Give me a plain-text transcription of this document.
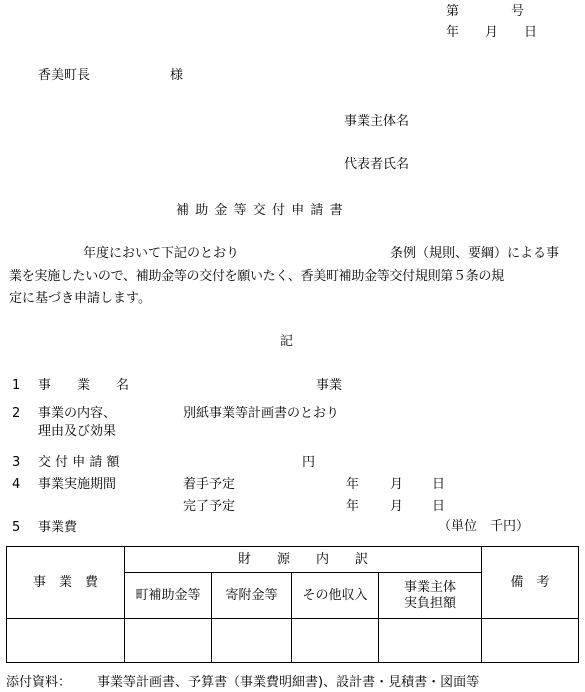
第　　　　号
年　　月　　日
香美町長	様
事業主体名
代表者氏名
補助金等交付申請書
年度において下記のとおり	条例（規則、要綱）による事
業を実施したいので、補助金等の交付を願いたく、香美町補助金等交付規則第５条の規
定に基づき申請します。
記
1 事　　業　　名	事業
2 事業の内容、
理由及び効果
別紙事業等計画書のとおり
3 交 付 申 請 額	円
4 事業実施期間	着手予定	年 月 日
完了予定	年 月 日
5 事業費	（単位　千円）
事　業　費	財　　源　　内　　訳				備　考
	町補助金等	寄附金等	その他収入	事業主体
実負担額	

添付資料： 事業等計画書、予算書（事業費明細書)、設計書・見積書・図面等
